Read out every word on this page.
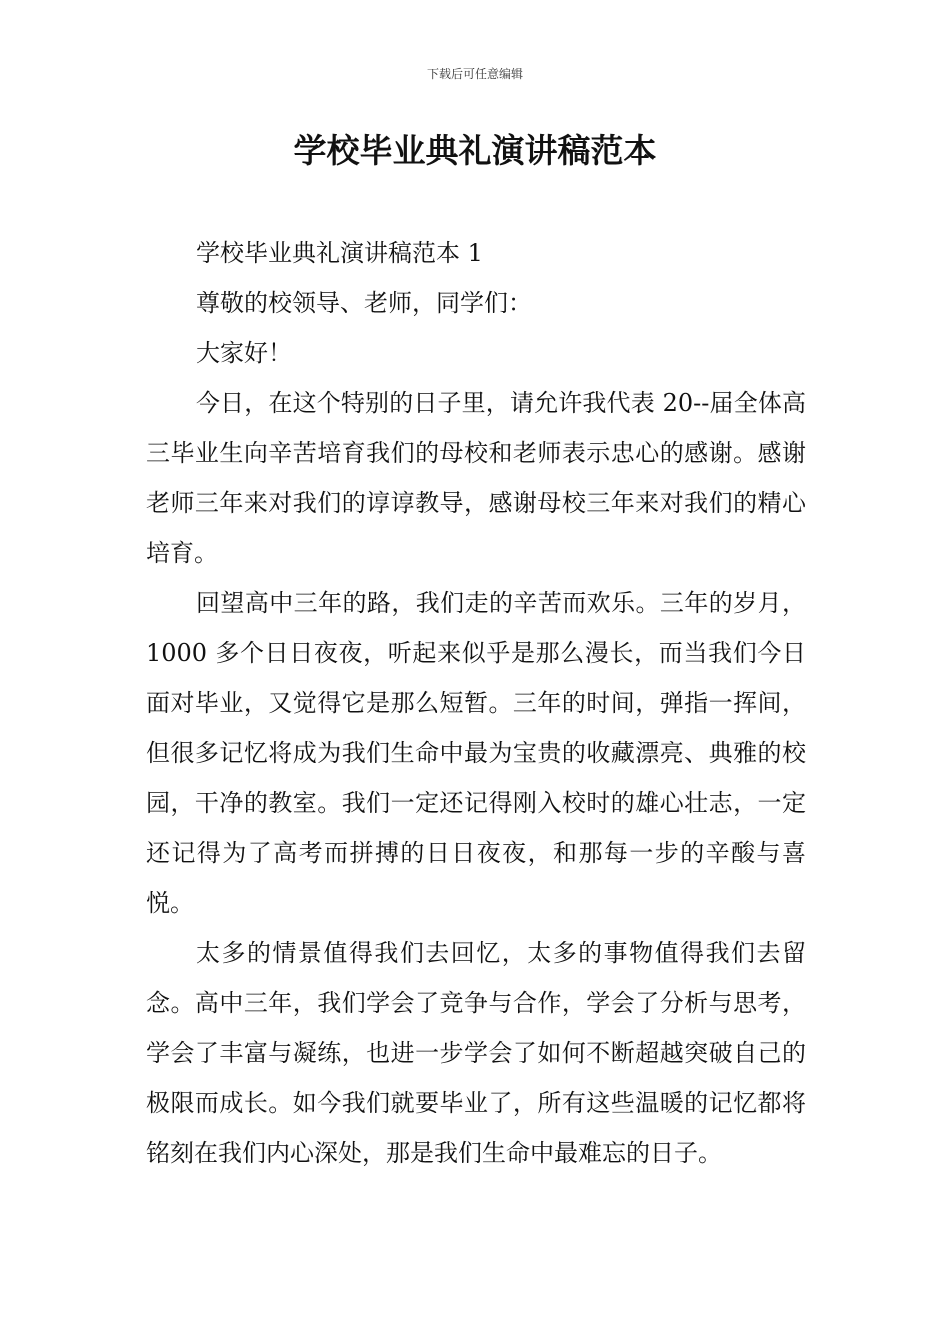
下载后可任意编辑
学校毕业典礼演讲稿范本

学校毕业典礼演讲稿范本 1

尊敬的校领导、老师，同学们：

大家好！

今日，在这个特别的日子里，请允许我代表 20--届全体高三毕业生向辛苦培育我们的母校和老师表示忠心的感谢。感谢老师三年来对我们的谆谆教导，感谢母校三年来对我们的精心培育。

回望高中三年的路，我们走的辛苦而欢乐。三年的岁月，1000 多个日日夜夜，听起来似乎是那么漫长，而当我们今日面对毕业，又觉得它是那么短暂。三年的时间，弹指一挥间，但很多记忆将成为我们生命中最为宝贵的收藏漂亮、典雅的校园，干净的教室。我们一定还记得刚入校时的雄心壮志，一定还记得为了高考而拼搏的日日夜夜，和那每一步的辛酸与喜悦。

太多的情景值得我们去回忆，太多的事物值得我们去留念。高中三年，我们学会了竞争与合作，学会了分析与思考，学会了丰富与凝练，也进一步学会了如何不断超越突破自己的极限而成长。如今我们就要毕业了，所有这些温暖的记忆都将铭刻在我们内心深处，那是我们生命中最难忘的日子。
